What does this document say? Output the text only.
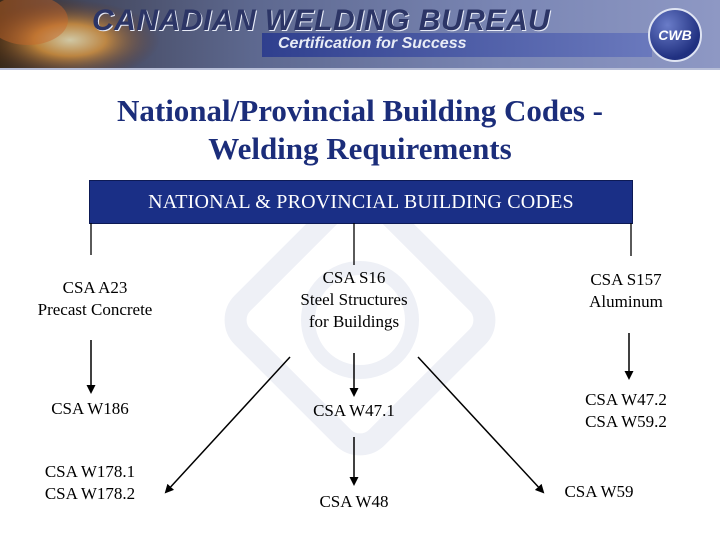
CANADIAN WELDING BUREAU
Certification for Success	CWB
National/Provincial Building Codes -
Welding Requirements
NATIONAL & PROVINCIAL BUILDING CODES
CSA A23
Precast Concrete
CSA S16
Steel Structures
for Buildings
CSA S157
Aluminum
CSA W186	CSA W47.1
CSA W47.2
CSA W59.2
CSA W178.1
CSA W178.2	CSA W48
CSA W59
